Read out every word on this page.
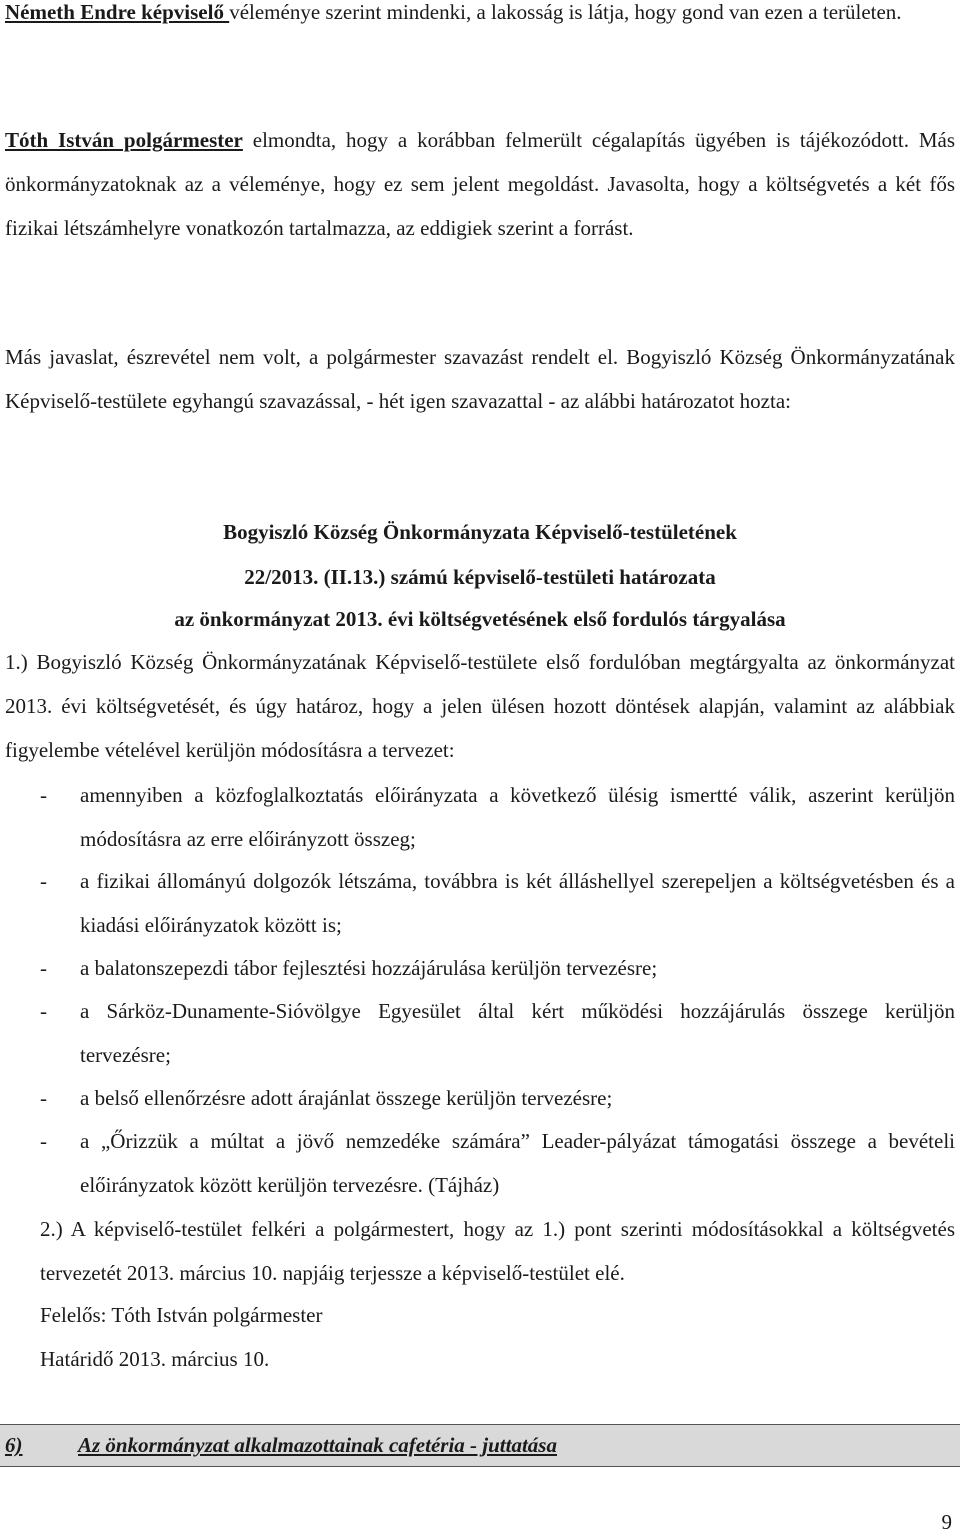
Németh Endre képviselő véleménye szerint mindenki, a lakosság is látja, hogy gond van ezen a területen.
Tóth István polgármester elmondta, hogy a korábban felmerült cégalapítás ügyében is tájékozódott. Más önkormányzatoknak az a véleménye, hogy ez sem jelent megoldást. Javasolta, hogy a költségvetés a két fős fizikai létszámhelyre vonatkozón tartalmazza, az eddigiek szerint a forrást.
Más javaslat, észrevétel nem volt, a polgármester szavazást rendelt el. Bogyiszló Község Önkormányzatának Képviselő-testülete egyhangú szavazással, - hét igen szavazattal - az alábbi határozatot hozta:
Bogyiszló Község Önkormányzata Képviselő-testületének
22/2013. (II.13.) számú képviselő-testületi határozata
az önkormányzat 2013. évi költségvetésének első fordulós tárgyalása
1.) Bogyiszló Község Önkormányzatának Képviselő-testülete első fordulóban megtárgyalta az önkormányzat 2013. évi költségvetését, és úgy határoz, hogy a jelen ülésen hozott döntések alapján, valamint az alábbiak figyelembe vételével kerüljön módosításra a tervezet:
- amennyiben a közfoglalkoztatás előirányzata a következő ülésig ismertté válik, aszerint kerüljön módosításra az erre előirányzott összeg;
- a fizikai állományú dolgozók létszáma, továbbra is két álláshellyel szerepeljen a költségvetésben és a kiadási előirányzatok között is;
- a balatonszepezdi tábor fejlesztési hozzájárulása kerüljön tervezésre;
- a Sárköz-Dunamente-Sióvölgye Egyesület által kért működési hozzájárulás összege kerüljön tervezésre;
- a belső ellenőrzésre adott árajánlat összege kerüljön tervezésre;
- a „Őrizzük a múltat a jövő nemzedéke számára” Leader-pályázat támogatási összege a bevételi előirányzatok között kerüljön tervezésre. (Tájház)
2.) A képviselő-testület felkéri a polgármestert, hogy az 1.) pont szerinti módosításokkal a költségvetés tervezetét 2013. március 10. napjáig terjessze a képviselő-testület elé.
Felelős: Tóth István polgármester
Határidő 2013. március 10.
6)	Az önkormányzat alkalmazottainak cafetéria - juttatása
9
